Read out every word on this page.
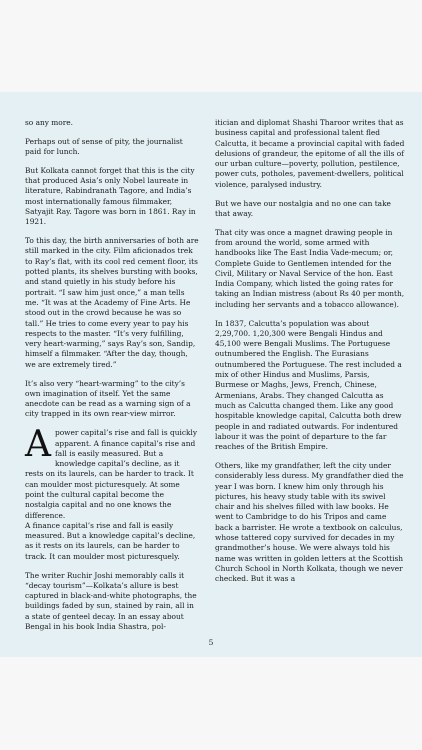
so any more.

Perhaps out of sense of pity, the journalist paid for lunch.

But Kolkata cannot forget that this is the city that produced Asia’s only Nobel laureate in literature, Rabindranath Tagore, and India’s most internationally famous filmmaker, Satyajit Ray. Tagore was born in 1861. Ray in 1921.

To this day, the birth anniversaries of both are still marked in the city. Film aficionados trek to Ray’s flat, with its cool red cement floor, its potted plants, its shelves bursting with books, and stand quietly in his study before his portrait. “I saw him just once,” a man tells me. “It was at the Academy of Fine Arts. He stood out in the crowd because he was so tall.” He tries to come every year to pay his respects to the master. “It’s very fulfilling, very heart-warming,” says Ray’s son, Sandip, himself a filmmaker. “After the day, though, we are extremely tired.”

It’s also very “heart-warming” to the city’s own imagination of itself. Yet the same anecdote can be read as a warning sign of a city trapped in its own rear-view mirror.

A power capital’s rise and fall is quickly apparent. A finance capital’s rise and fall is easily measured. But a knowledge capital’s decline, as it rests on its laurels, can be harder to track. It can moulder most picturesquely. At some point the cultural capital become the nostalgia capital and no one knows the difference.

A finance capital’s rise and fall is easily measured. But a knowledge capital’s decline, as it rests on its laurels, can be harder to track. It can moulder most picturesquely.

The writer Ruchir Joshi memorably calls it “decay tourism”—Kolkata’s allure is best captured in black-and-white photographs, the buildings faded by sun, stained by rain, all in a state of genteel decay. In an essay about Bengal in his book India Shastra, pol-

itician and diplomat Shashi Tharoor writes that as business capital and professional talent fled Calcutta, it became a provincial capital with faded delusions of grandeur, the epitome of all the ills of our urban culture—poverty, pollution, pestilence, power cuts, potholes, pavement-dwellers, political violence, paralysed industry.

But we have our nostalgia and no one can take that away.

That city was once a magnet drawing people in from around the world, some armed with handbooks like The East India Vade-mecum; or, Complete Guide to Gentlemen intended for the Civil, Military or Naval Service of the hon. East India Company, which listed the going rates for taking an Indian mistress (about Rs 40 per month, including her servants and a tobacco allowance).

In 1837, Calcutta’s population was about 2,29,700. 1,20,300 were Bengali Hindus and 45,100 were Bengali Muslims. The Portuguese outnumbered the English. The Eurasians outnumbered the Portuguese. The rest included a mix of other Hindus and Muslims, Parsis, Burmese or Maghs, Jews, French, Chinese, Armenians, Arabs. They changed Calcutta as much as Calcutta changed them. Like any good hospitable knowledge capital, Calcutta both drew people in and radiated outwards. For indentured labour it was the point of departure to the far reaches of the British Empire.

Others, like my grandfather, left the city under considerably less duress. My grandfather died the year I was born. I knew him only through his pictures, his heavy study table with its swivel chair and his shelves filled with law books. He went to Cambridge to do his Tripos and came back a barrister. He wrote a textbook on calculus, whose tattered copy survived for decades in my grandmother’s house. We were always told his name was written in golden letters at the Scottish Church School in North Kolkata, though we never checked. But it was a

5
